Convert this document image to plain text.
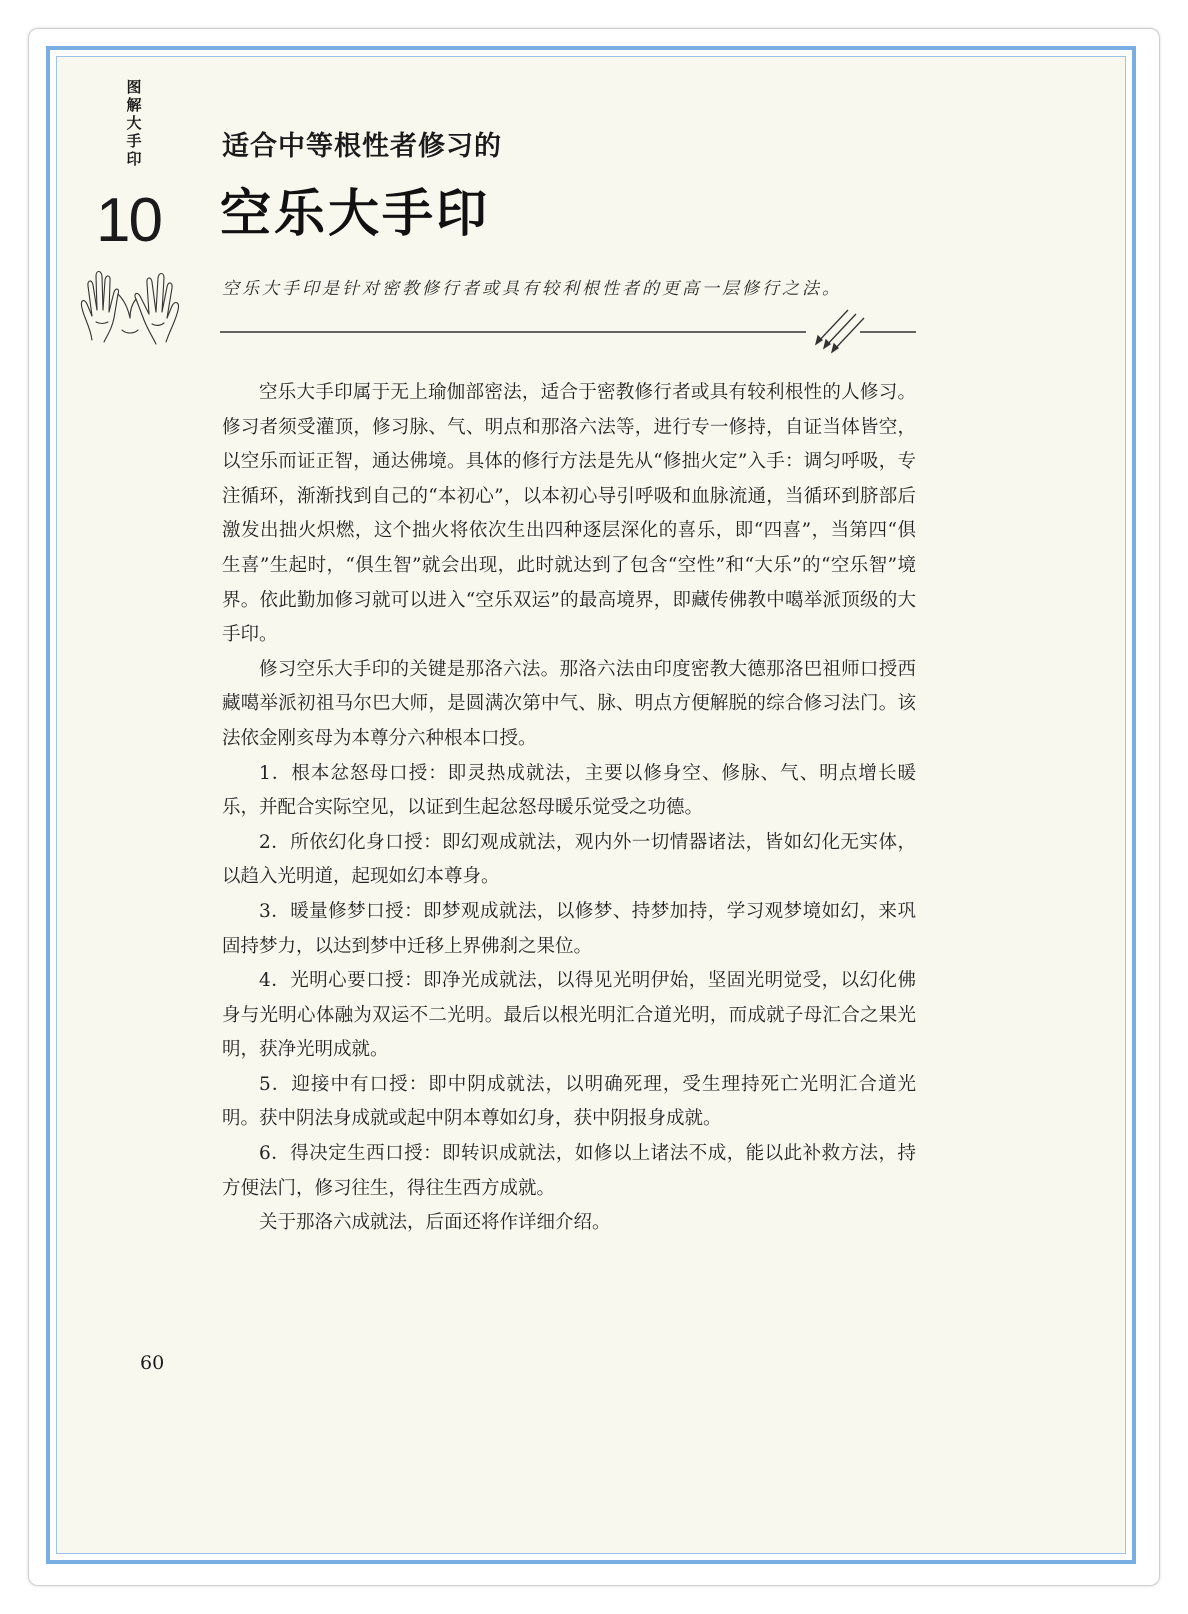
图解大手印
10
适合中等根性者修习的
空乐大手印
空乐大手印是针对密教修行者或具有较利根性者的更高一层修行之法。

空乐大手印属于无上瑜伽部密法，适合于密教修行者或具有较利根性的人修习。修习者须受灌顶，修习脉、气、明点和那洛六法等，进行专一修持，自证当体皆空，以空乐而证正智，通达佛境。具体的修行方法是先从“修拙火定”入手：调匀呼吸，专注循环，渐渐找到自己的“本初心”，以本初心导引呼吸和血脉流通，当循环到脐部后激发出拙火炽燃，这个拙火将依次生出四种逐层深化的喜乐，即“四喜”，当第四“俱生喜”生起时，“俱生智”就会出现，此时就达到了包含“空性”和“大乐”的“空乐智”境界。依此勤加修习就可以进入“空乐双运”的最高境界，即藏传佛教中噶举派顶级的大手印。

修习空乐大手印的关键是那洛六法。那洛六法由印度密教大德那洛巴祖师口授西藏噶举派初祖马尔巴大师，是圆满次第中气、脉、明点方便解脱的综合修习法门。该法依金刚亥母为本尊分六种根本口授。

1．根本忿怒母口授：即灵热成就法，主要以修身空、修脉、气、明点增长暖乐，并配合实际空见，以证到生起忿怒母暖乐觉受之功德。

2．所依幻化身口授：即幻观成就法，观内外一切情器诸法，皆如幻化无实体，以趋入光明道，起现如幻本尊身。

3．暖量修梦口授：即梦观成就法，以修梦、持梦加持，学习观梦境如幻，来巩固持梦力，以达到梦中迁移上界佛刹之果位。

4．光明心要口授：即净光成就法，以得见光明伊始，坚固光明觉受，以幻化佛身与光明心体融为双运不二光明。最后以根光明汇合道光明，而成就子母汇合之果光明，获净光明成就。

5．迎接中有口授：即中阴成就法，以明确死理，受生理持死亡光明汇合道光明。获中阴法身成就或起中阴本尊如幻身，获中阴报身成就。

6．得决定生西口授：即转识成就法，如修以上诸法不成，能以此补救方法，持方便法门，修习往生，得往生西方成就。

关于那洛六成就法，后面还将作详细介绍。

60
